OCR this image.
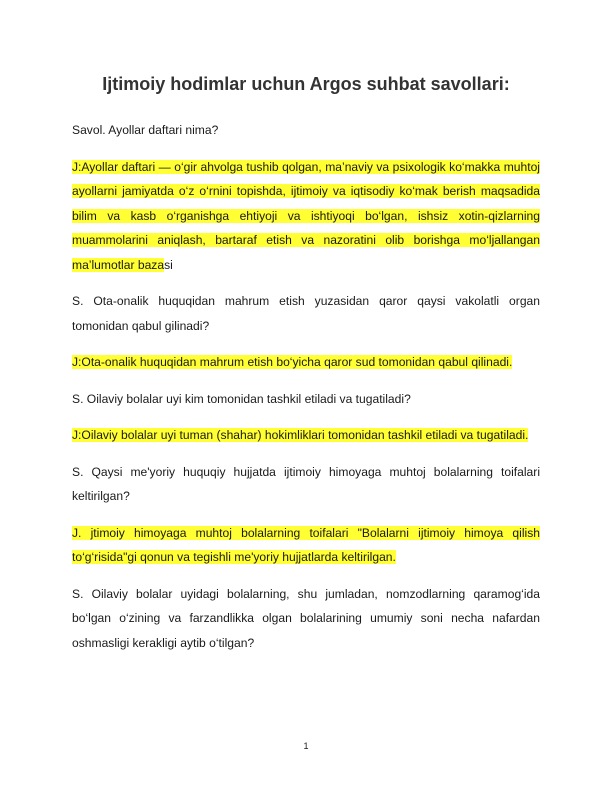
Ijtimoiy hodimlar uchun Argos suhbat savollari:

Savol. Ayollar daftari nima?

J:Ayollar daftari — o‘gir ahvolga tushib qolgan, ma’naviy va psixologik ko‘makka muhtoj ayollarni jamiyatda o‘z o‘rnini topishda, ijtimoiy va iqtisodiy ko‘mak berish maqsadida bilim va kasb o‘rganishga ehtiyoji va ishtiyoqi bo‘lgan, ishsiz xotin-qizlarning muammolarini aniqlash, bartaraf etish va nazoratini olib borishga mo‘ljallangan ma’lumotlar bazasi

S. Ota-onalik huquqidan mahrum etish yuzasidan qaror qaysi vakolatli organ tomonidan qabul gilinadi?

J:Ota-onalik huquqidan mahrum etish bo‘yicha qaror sud tomonidan qabul qilinadi.

S. Oilaviy bolalar uyi kim tomonidan tashkil etiladi va tugatiladi?

J:Oilaviy bolalar uyi tuman (shahar) hokimliklari tomonidan tashkil etiladi va tugatiladi.

S. Qaysi me'yoriy huquqiy hujjatda ijtimoiy himoyaga muhtoj bolalarning toifalari keltirilgan?

J. jtimoiy himoyaga muhtoj bolalarning toifalari "Bolalarni ijtimoiy himoya qilish to‘g‘risida"gi qonun va tegishli me'yoriy hujjatlarda keltirilgan.

S. Oilaviy bolalar uyidagi bolalarning, shu jumladan, nomzodlarning qaramog‘ida bo‘lgan o‘zining va farzandlikka olgan bolalarining umumiy soni necha nafardan oshmasligi kerakligi aytib o‘tilgan?

1
